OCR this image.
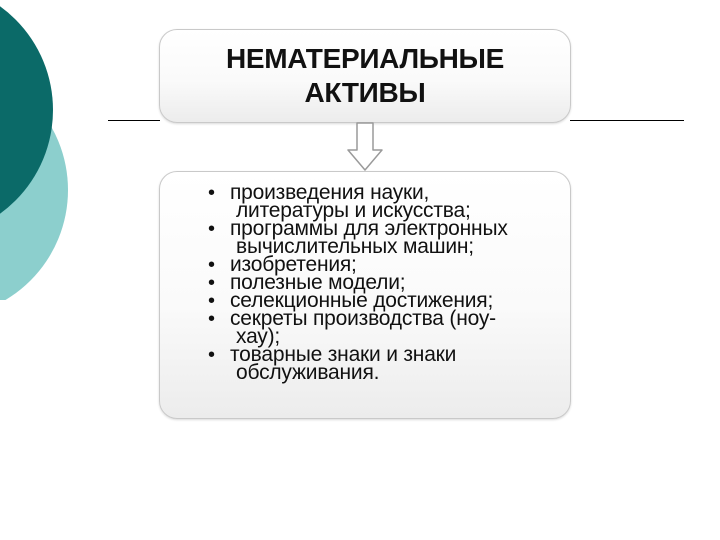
НЕМАТЕРИАЛЬНЫЕ
АКТИВЫ
• произведения науки,
литературы и искусства;
• программы для электронных
вычислительных машин;
• изобретения;
• полезные модели;
• селекционные достижения;
• секреты производства (ноу-
хау);
• товарные знаки и знаки
обслуживания.
